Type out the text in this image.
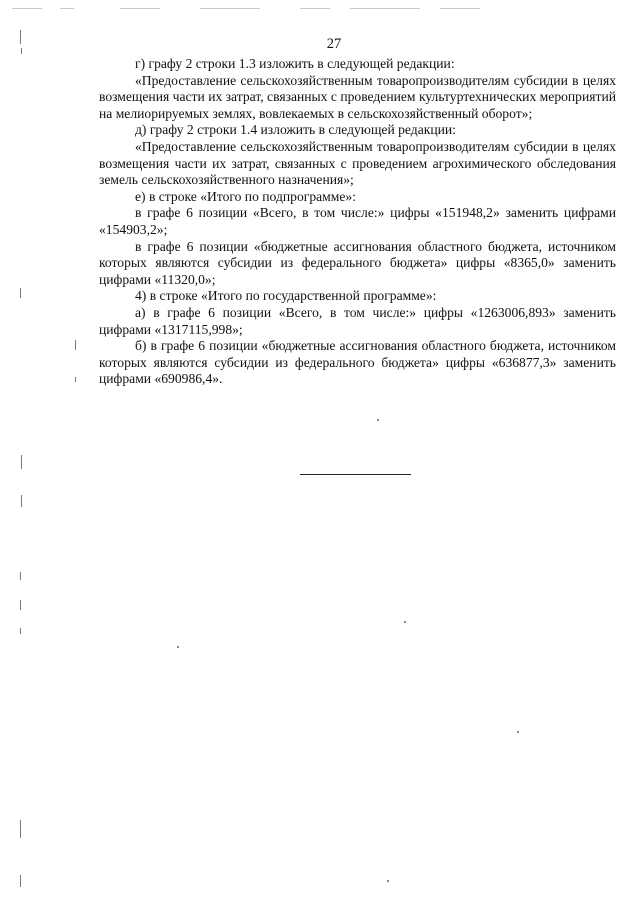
27

г) графу 2 строки 1.3 изложить в следующей редакции:

«Предоставление сельскохозяйственным товаропроизводителям субсидии в целях возмещения части их затрат, связанных с проведением культуртехнических мероприятий на мелиорируемых землях, вовлекаемых в сельскохозяйственный оборот»;

д) графу 2 строки 1.4 изложить в следующей редакции:

«Предоставление сельскохозяйственным товаропроизводителям субсидии в целях возмещения части их затрат, связанных с проведением агрохимического обследования земель сельскохозяйственного назначения»;

е) в строке «Итого по подпрограмме»:

в графе 6 позиции «Всего, в том числе:» цифры «151948,2» заменить цифрами «154903,2»;

в графе 6 позиции «бюджетные ассигнования областного бюджета, источником которых являются субсидии из федерального бюджета» цифры «8365,0» заменить цифрами «11320,0»;

4) в строке «Итого по государственной программе»:

а) в графе 6 позиции «Всего, в том числе:» цифры «1263006,893» заменить цифрами «1317115,998»;

б) в графе 6 позиции «бюджетные ассигнования областного бюджета, источником которых являются субсидии из федерального бюджета» цифры «636877,3» заменить цифрами «690986,4».
